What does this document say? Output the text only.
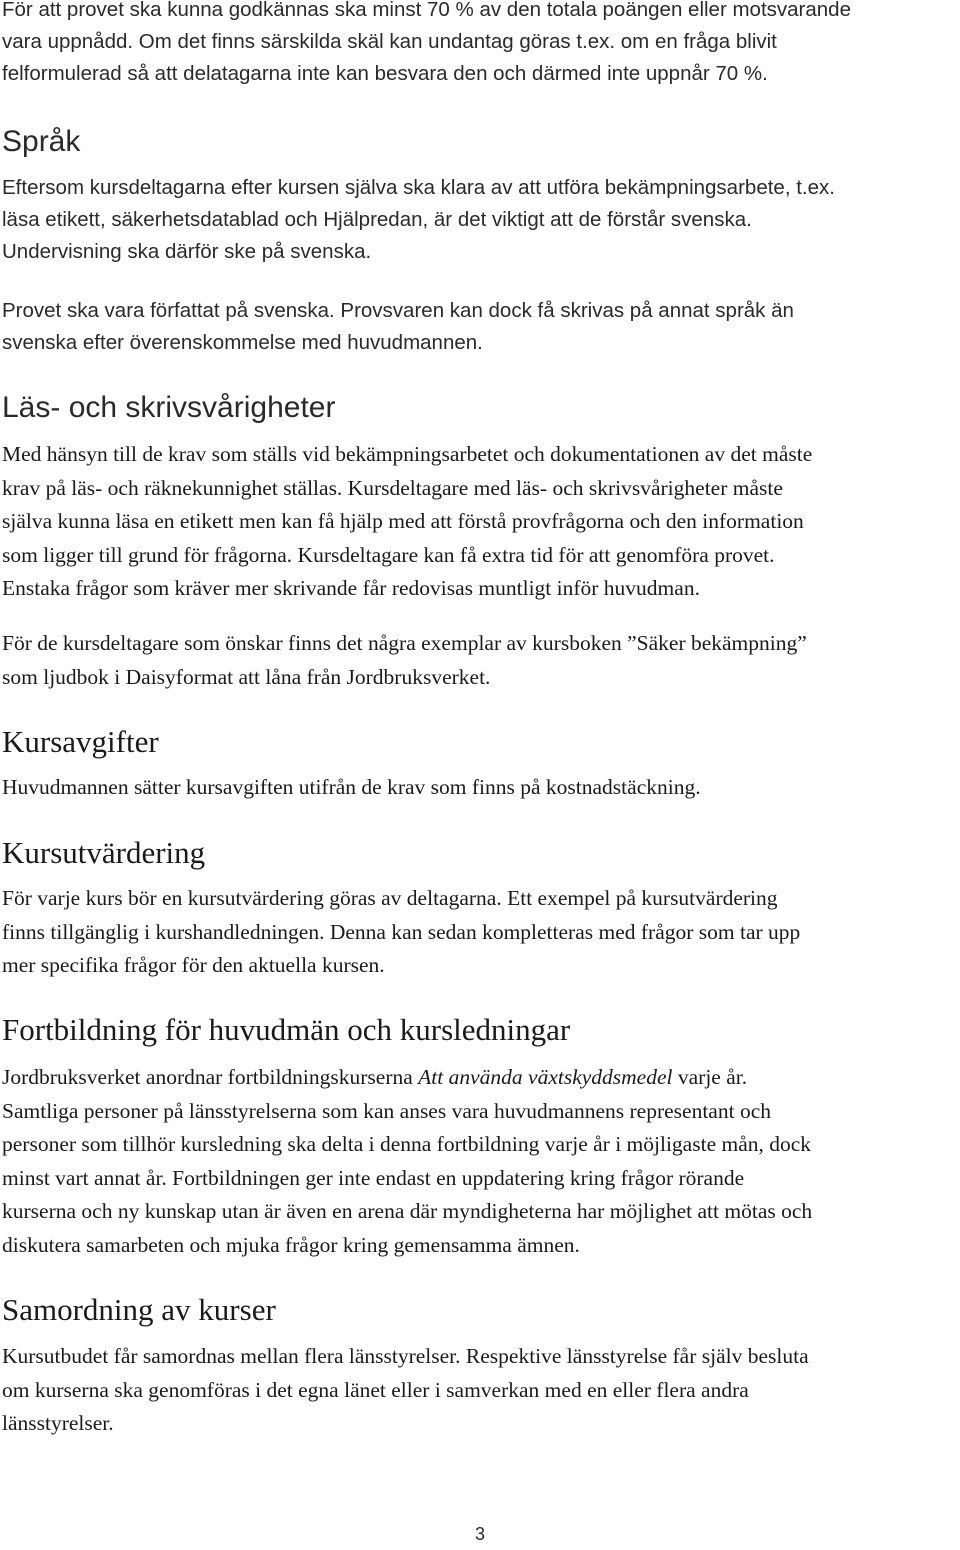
För att provet ska kunna godkännas ska minst 70 % av den totala poängen eller motsvarande
vara uppnådd. Om det finns särskilda skäl kan undantag göras t.ex. om en fråga blivit
felformulerad så att delatagarna inte kan besvara den och därmed inte uppnår 70 %.

Språk

Eftersom kursdeltagarna efter kursen själva ska klara av att utföra bekämpningsarbete, t.ex.
läsa etikett, säkerhetsdatablad och Hjälpredan, är det viktigt att de förstår svenska.
Undervisning ska därför ske på svenska.

Provet ska vara författat på svenska. Provsvaren kan dock få skrivas på annat språk än
svenska efter överenskommelse med huvudmannen.

Läs- och skrivsvårigheter

Med hänsyn till de krav som ställs vid bekämpningsarbetet och dokumentationen av det måste
krav på läs- och räknekunnighet ställas. Kursdeltagare med läs- och skrivsvårigheter måste
själva kunna läsa en etikett men kan få hjälp med att förstå provfrågorna och den information
som ligger till grund för frågorna. Kursdeltagare kan få extra tid för att genomföra provet.
Enstaka frågor som kräver mer skrivande får redovisas muntligt inför huvudman.

För de kursdeltagare som önskar finns det några exemplar av kursboken ”Säker bekämpning”
som ljudbok i Daisyformat att låna från Jordbruksverket.

Kursavgifter

Huvudmannen sätter kursavgiften utifrån de krav som finns på kostnadstäckning.

Kursutvärdering

För varje kurs bör en kursutvärdering göras av deltagarna. Ett exempel på kursutvärdering
finns tillgänglig i kurshandledningen. Denna kan sedan kompletteras med frågor som tar upp
mer specifika frågor för den aktuella kursen.

Fortbildning för huvudmän och kursledningar

Jordbruksverket anordnar fortbildningskurserna Att använda växtskyddsmedel varje år.
Samtliga personer på länsstyrelserna som kan anses vara huvudmannens representant och
personer som tillhör kursledning ska delta i denna fortbildning varje år i möjligaste mån, dock
minst vart annat år. Fortbildningen ger inte endast en uppdatering kring frågor rörande
kurserna och ny kunskap utan är även en arena där myndigheterna har möjlighet att mötas och
diskutera samarbeten och mjuka frågor kring gemensamma ämnen.

Samordning av kurser

Kursutbudet får samordnas mellan flera länsstyrelser. Respektive länsstyrelse får själv besluta
om kurserna ska genomföras i det egna länet eller i samverkan med en eller flera andra
länsstyrelser.

3
